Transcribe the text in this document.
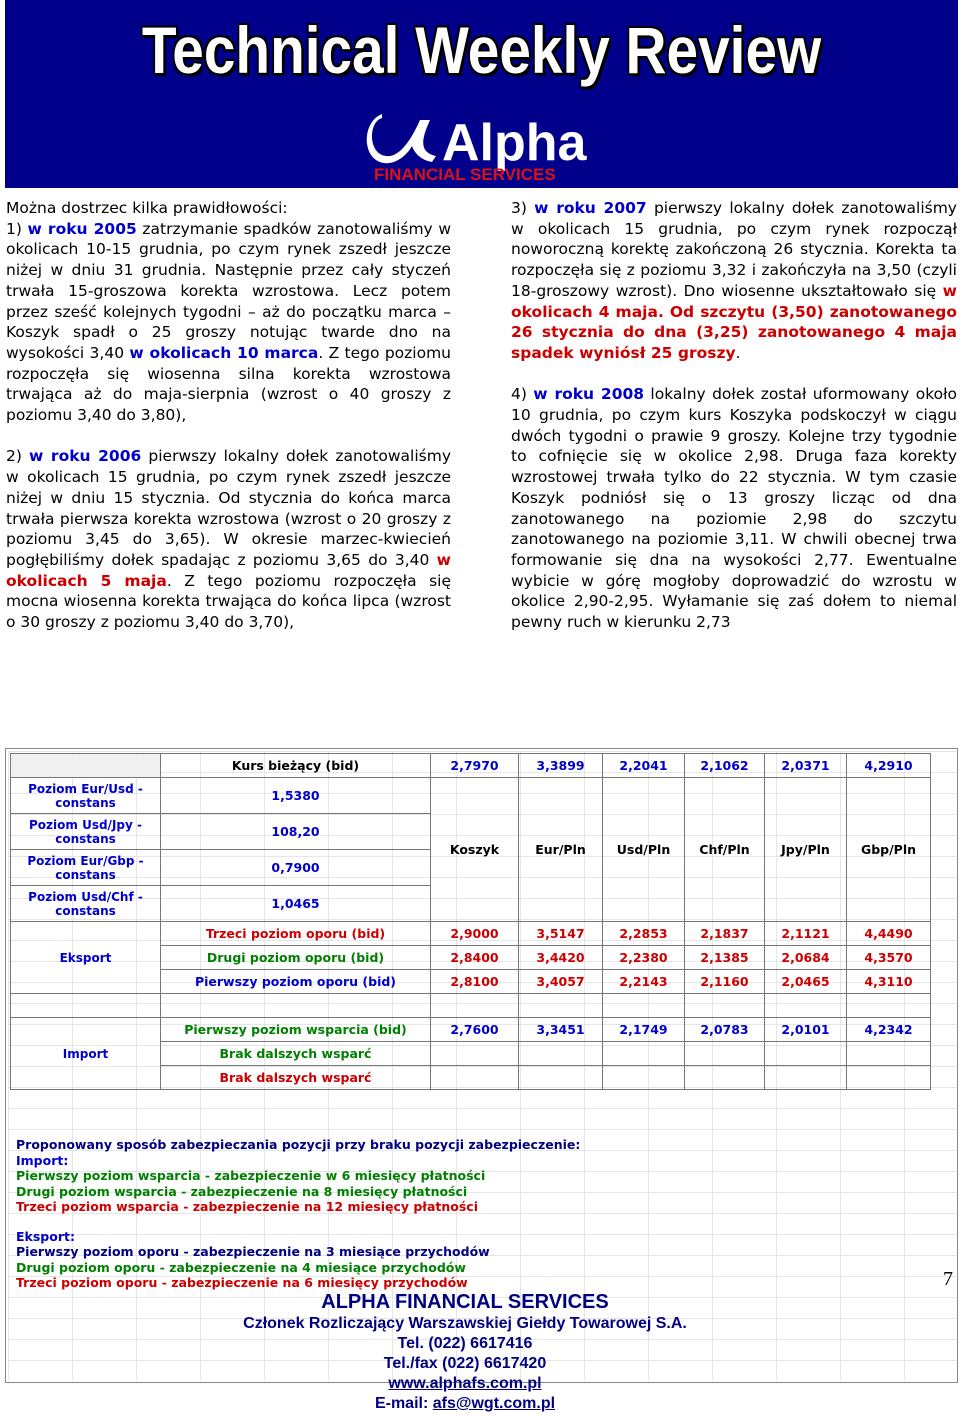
Technical Weekly Review
Alpha
FINANCIAL SERVICES

Można dostrzec kilka prawidłowości:
1) w roku 2005 zatrzymanie spadków zanotowaliśmy w okolicach 10-15 grudnia, po czym rynek zszedł jeszcze niżej w dniu 31 grudnia. Następnie przez cały styczeń trwała 15-groszowa korekta wzrostowa. Lecz potem przez sześć kolejnych tygodni – aż do początku marca – Koszyk spadł o 25 groszy notując twarde dno na wysokości 3,40 w okolicach 10 marca. Z tego poziomu rozpoczęła się wiosenna silna korekta wzrostowa trwająca aż do maja-sierpnia (wzrost o 40 groszy z poziomu 3,40 do 3,80),

2) w roku 2006 pierwszy lokalny dołek zanotowaliśmy w okolicach 15 grudnia, po czym rynek zszedł jeszcze niżej w dniu 15 stycznia. Od stycznia do końca marca trwała pierwsza korekta wzrostowa (wzrost o 20 groszy z poziomu 3,45 do 3,65). W okresie marzec-kwiecień pogłębiliśmy dołek spadając z poziomu 3,65 do 3,40 w okolicach 5 maja. Z tego poziomu rozpoczęła się mocna wiosenna korekta trwająca do końca lipca (wzrost o 30 groszy z poziomu 3,40 do 3,70),

3) w roku 2007 pierwszy lokalny dołek zanotowaliśmy w okolicach 15 grudnia, po czym rynek rozpoczął noworoczną korektę zakończoną 26 stycznia. Korekta ta rozpoczęła się z poziomu 3,32 i zakończyła na 3,50 (czyli 18-groszowy wzrost). Dno wiosenne ukształtowało się w okolicach 4 maja. Od szczytu (3,50) zanotowanego 26 stycznia do dna (3,25) zanotowanego 4 maja spadek wyniósł 25 groszy.

4) w roku 2008 lokalny dołek został uformowany około 10 grudnia, po czym kurs Koszyka podskoczył w ciągu dwóch tygodni o prawie 9 groszy. Kolejne trzy tygodnie to cofnięcie się w okolice 2,98. Druga faza korekty wzrostowej trwała tylko do 22 stycznia. W tym czasie Koszyk podniósł się o 13 groszy licząc od dna zanotowanego na poziomie 2,98 do szczytu zanotowanego na poziomie 3,11. W chwili obecnej trwa formowanie się dna na wysokości 2,77. Ewentualne wybicie w górę mogłoby doprowadzić do wzrostu w okolice 2,90-2,95. Wyłamanie się zaś dołem to niemal pewny ruch w kierunku 2,73

	Kurs bieżący (bid)	2,7970	3,3899	2,2041	2,1062	2,0371	4,2910
Poziom Eur/Usd - constans	1,5380	Koszyk	Eur/Pln	Usd/Pln	Chf/Pln	Jpy/Pln	Gbp/Pln
Poziom Usd/Jpy - constans	108,20						
Poziom Eur/Gbp - constans	0,7900						
Poziom Usd/Chf - constans	1,0465						
Eksport	Trzeci poziom oporu (bid)	2,9000	3,5147	2,2853	2,1837	2,1121	4,4490
	Drugi poziom oporu (bid)	2,8400	3,4420	2,2380	2,1385	2,0684	4,3570
	Pierwszy poziom oporu (bid)	2,8100	3,4057	2,2143	2,1160	2,0465	4,3110

Import	Pierwszy poziom wsparcia (bid)	2,7600	3,3451	2,1749	2,0783	2,0101	4,2342
	Brak dalszych wsparć						
	Brak dalszych wsparć						
Proponowany sposób zabezpieczania pozycji przy braku pozycji zabezpieczenie:
Import:
Pierwszy poziom wsparcia - zabezpieczenie w 6 miesięcy płatności
Drugi poziom wsparcia - zabezpieczenie na 8 miesięcy płatności
Trzeci poziom wsparcia - zabezpieczenie na 12 miesięcy płatności
Eksport:
Pierwszy poziom oporu - zabezpieczenie na 3 miesiące przychodów
Drugi poziom oporu - zabezpieczenie na 4 miesiące przychodów
Trzeci poziom oporu - zabezpieczenie na 6 miesięcy przychodów	7
ALPHA FINANCIAL SERVICES
Członek Rozliczający Warszawskiej Giełdy Towarowej S.A.
Tel. (022) 6617416
Tel./fax (022) 6617420
www.alphafs.com.pl
E-mail: afs@wgt.com.pl
